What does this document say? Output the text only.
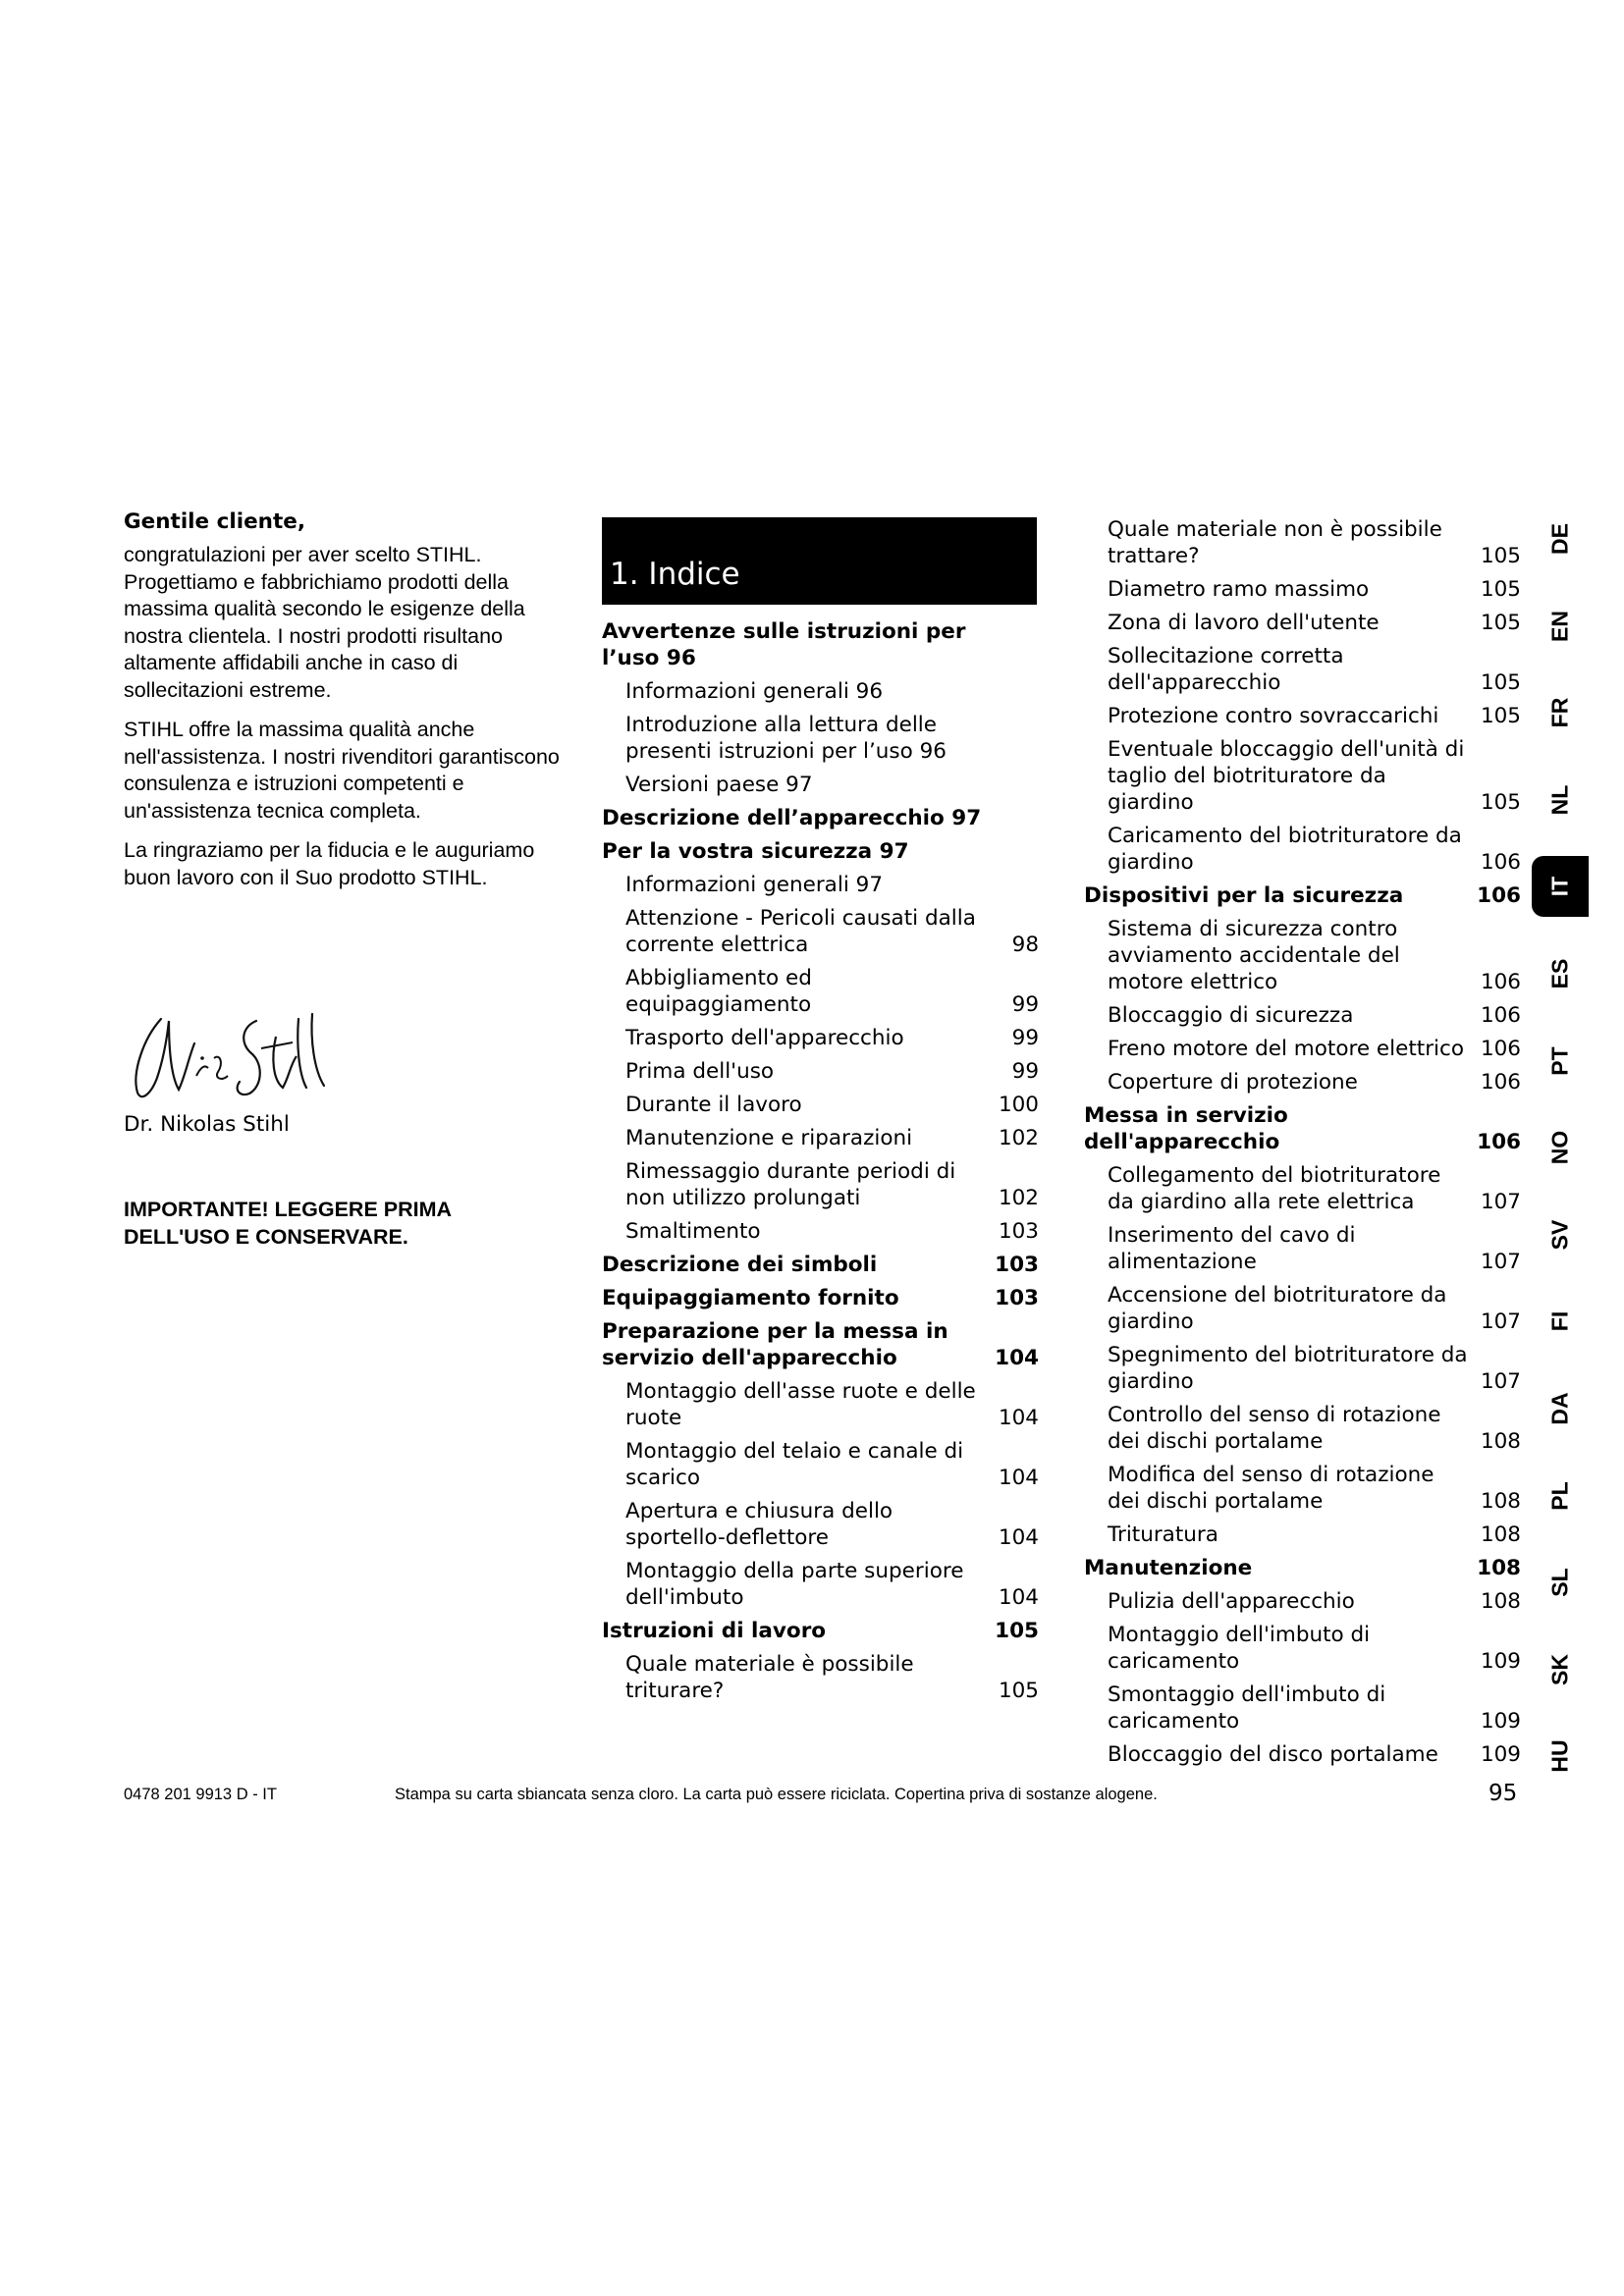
Gentile cliente,

congratulazioni per aver scelto STIHL. Progettiamo e fabbrichiamo prodotti della massima qualità secondo le esigenze della nostra clientela. I nostri prodotti risultano altamente affidabili anche in caso di sollecitazioni estreme.

STIHL offre la massima qualità anche nell'assistenza. I nostri rivenditori garantiscono consulenza e istruzioni competenti e un'assistenza tecnica completa.

La ringraziamo per la fiducia e le auguriamo buon lavoro con il Suo prodotto STIHL.

Dr. Nikolas Stihl
IMPORTANTE! LEGGERE PRIMA
DELL'USO E CONSERVARE.
1. Indice
Avvertenze sulle istruzioni per l’uso 96
Informazioni generali 96
Introduzione alla lettura delle presenti istruzioni per l’uso 96
Versioni paese 97
Descrizione dell’apparecchio 97
Per la vostra sicurezza 97
Informazioni generali 97
Attenzione - Pericoli causati dalla corrente elettrica	98
Abbigliamento ed equipaggiamento	99
Trasporto dell'apparecchio	99
Prima dell'uso	99
Durante il lavoro	100
Manutenzione e riparazioni	102
Rimessaggio durante periodi di non utilizzo prolungati	102
Smaltimento	103
Descrizione dei simboli	103
Equipaggiamento fornito	103
Preparazione per la messa in servizio dell'apparecchio	104
Montaggio dell'asse ruote e delle ruote	104
Montaggio del telaio e canale di scarico	104
Apertura e chiusura dello sportello-deflettore	104
Montaggio della parte superiore dell'imbuto	104
Istruzioni di lavoro	105
Quale materiale è possibile triturare?	105
Quale materiale non è possibile trattare?	105
Diametro ramo massimo	105
Zona di lavoro dell'utente	105
Sollecitazione corretta dell'apparecchio	105
Protezione contro sovraccarichi	105
Eventuale bloccaggio dell'unità di taglio del biotrituratore da giardino	105
Caricamento del biotrituratore da giardino	106
Dispositivi per la sicurezza	106
Sistema di sicurezza contro avviamento accidentale del motore elettrico	106
Bloccaggio di sicurezza	106
Freno motore del motore elettrico 106
Coperture di protezione	106
Messa in servizio dell'apparecchio	106
Collegamento del biotrituratore da giardino alla rete elettrica	107
Inserimento del cavo di alimentazione	107
Accensione del biotrituratore da giardino	107
Spegnimento del biotrituratore da giardino	107
Controllo del senso di rotazione dei dischi portalame	108
Modifica del senso di rotazione dei dischi portalame	108
Trituratura	108
Manutenzione	108
Pulizia dell'apparecchio	108
Montaggio dell'imbuto di caricamento	109
Smontaggio dell'imbuto di caricamento	109
Bloccaggio del disco portalame	109
DE
EN
FR
NL
IT
ES
PT
NO
SV
FI
DA
PL
SL
SK
HU
0478 201 9913 D - IT	Stampa su carta sbiancata senza cloro. La carta può essere riciclata. Copertina priva di sostanze alogene.	95
